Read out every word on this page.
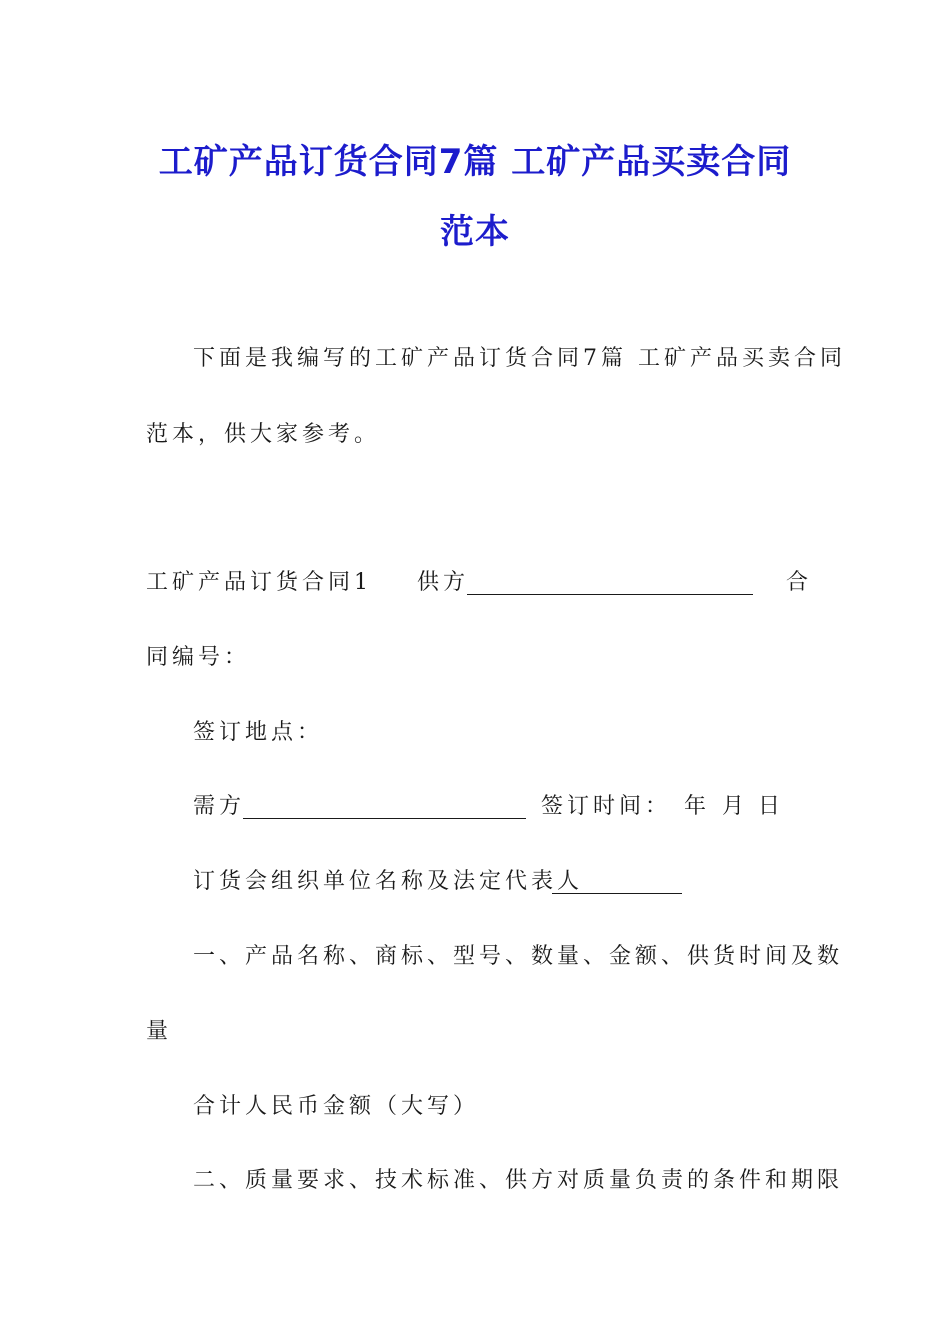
工矿产品订货合同7篇 工矿产品买卖合同
范本
下面是我编写的工矿产品订货合同7篇 工矿产品买卖合同
范本，供大家参考。
工矿产品订货合同1 供方	合
同编号：
签订地点：
需方	签订时间： 年 月 日
订货会组织单位名称及法定代表人
一、产品名称、商标、型号、数量、金额、供货时间及数
量
合计人民币金额（大写）
二、质量要求、技术标准、供方对质量负责的条件和期限
